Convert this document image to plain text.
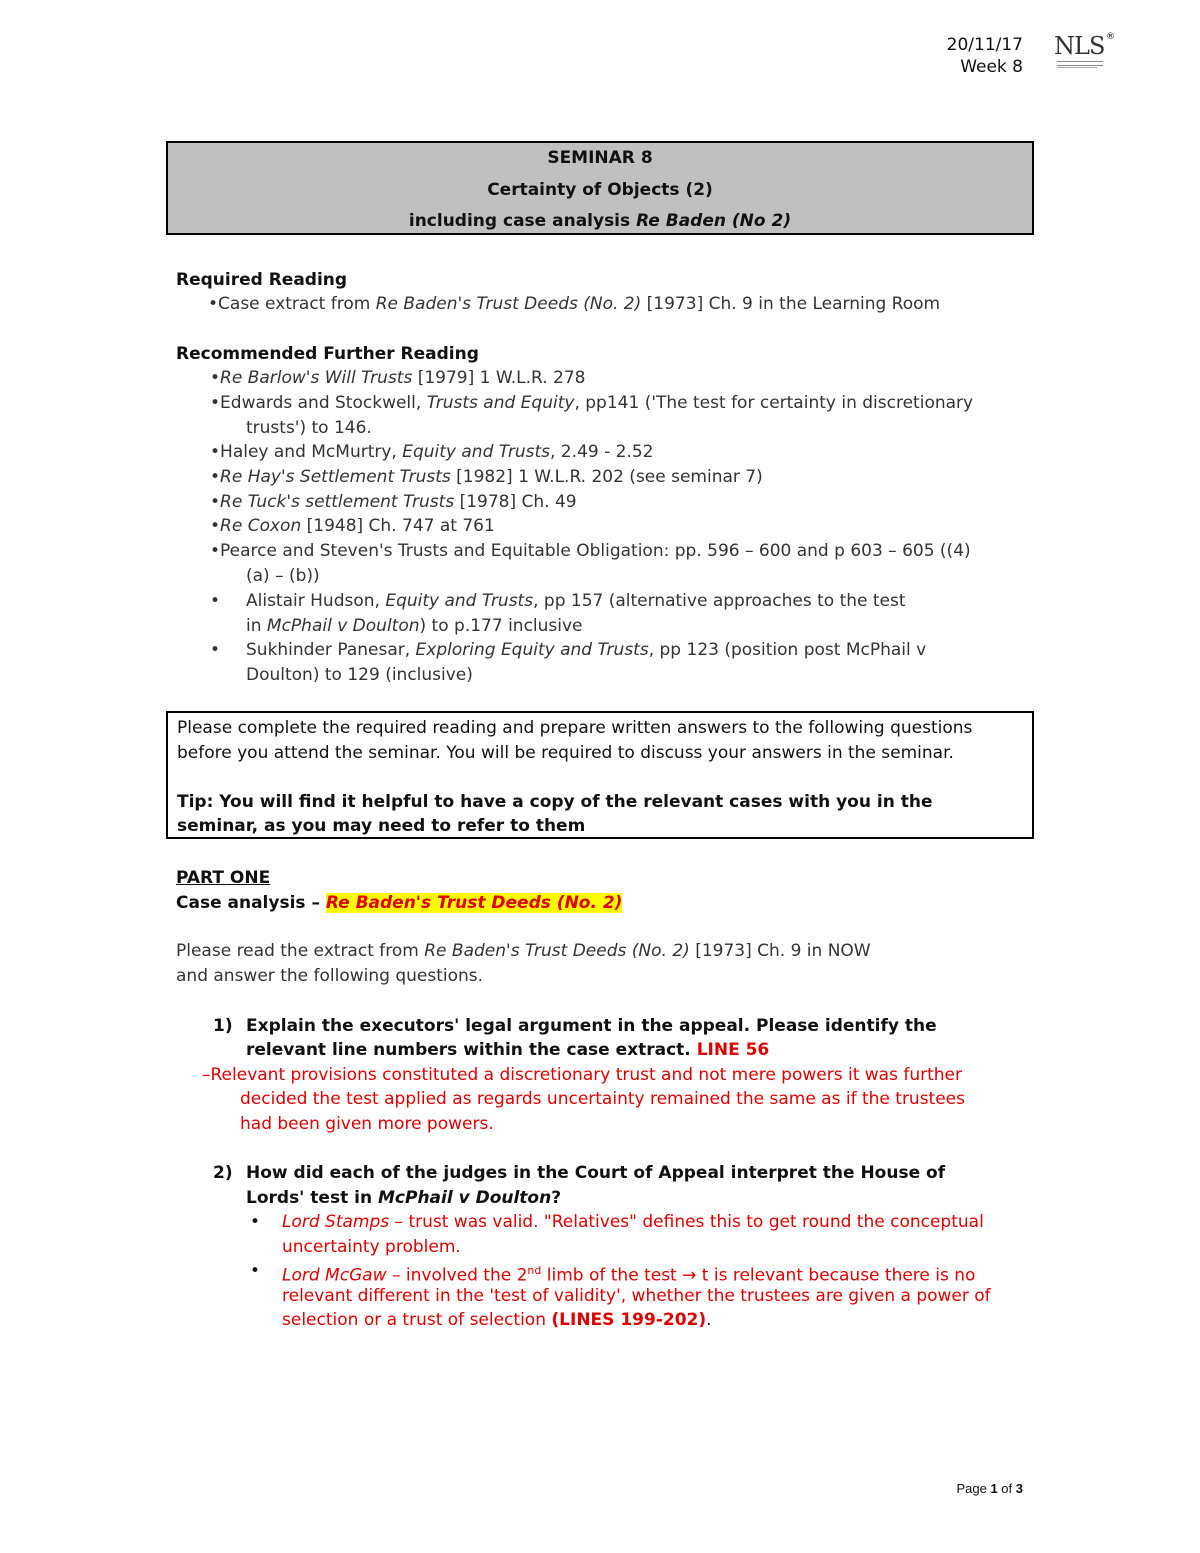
20/11/17
Week 8
NLS ®
SEMINAR 8
Certainty of Objects (2)
including case analysis Re Baden (No 2)
Required Reading
•Case extract from Re Baden's Trust Deeds (No. 2) [1973] Ch. 9 in the Learning Room
Recommended Further Reading
•Re Barlow's Will Trusts [1979] 1 W.L.R. 278
•Edwards and Stockwell, Trusts and Equity, pp141 ('The test for certainty in discretionary
trusts') to 146.
•Haley and McMurtry, Equity and Trusts, 2.49 - 2.52
•Re Hay's Settlement Trusts [1982] 1 W.L.R. 202 (see seminar 7)
•Re Tuck's settlement Trusts [1978] Ch. 49
•Re Coxon [1948] Ch. 747 at 761
•Pearce and Steven's Trusts and Equitable Obligation: pp. 596 – 600 and p 603 – 605 ((4)
(a) – (b))
• Alistair Hudson, Equity and Trusts, pp 157 (alternative approaches to the test
in McPhail v Doulton) to p.177 inclusive
• Sukhinder Panesar, Exploring Equity and Trusts, pp 123 (position post McPhail v
Doulton) to 129 (inclusive)
Please complete the required reading and prepare written answers to the following questions
before you attend the seminar. You will be required to discuss your answers in the seminar.
Tip: You will find it helpful to have a copy of the relevant cases with you in the
seminar, as you may need to refer to them
PART ONE
Case analysis – Re Baden's Trust Deeds (No. 2)
Please read the extract from Re Baden's Trust Deeds (No. 2) [1973] Ch. 9 in NOW
and answer the following questions.
1) Explain the executors' legal argument in the appeal. Please identify the
relevant line numbers within the case extract. LINE 56
–Relevant provisions constituted a discretionary trust and not mere powers it was further
decided the test applied as regards uncertainty remained the same as if the trustees
had been given more powers.
2) How did each of the judges in the Court of Appeal interpret the House of
Lords' test in McPhail v Doulton?
• Lord Stamps – trust was valid. "Relatives" defines this to get round the conceptual
uncertainty problem.
• Lord McGaw – involved the 2nd limb of the test → t is relevant because there is no
relevant different in the 'test of validity', whether the trustees are given a power of
selection or a trust of selection (LINES 199-202).
Page 1 of 3
